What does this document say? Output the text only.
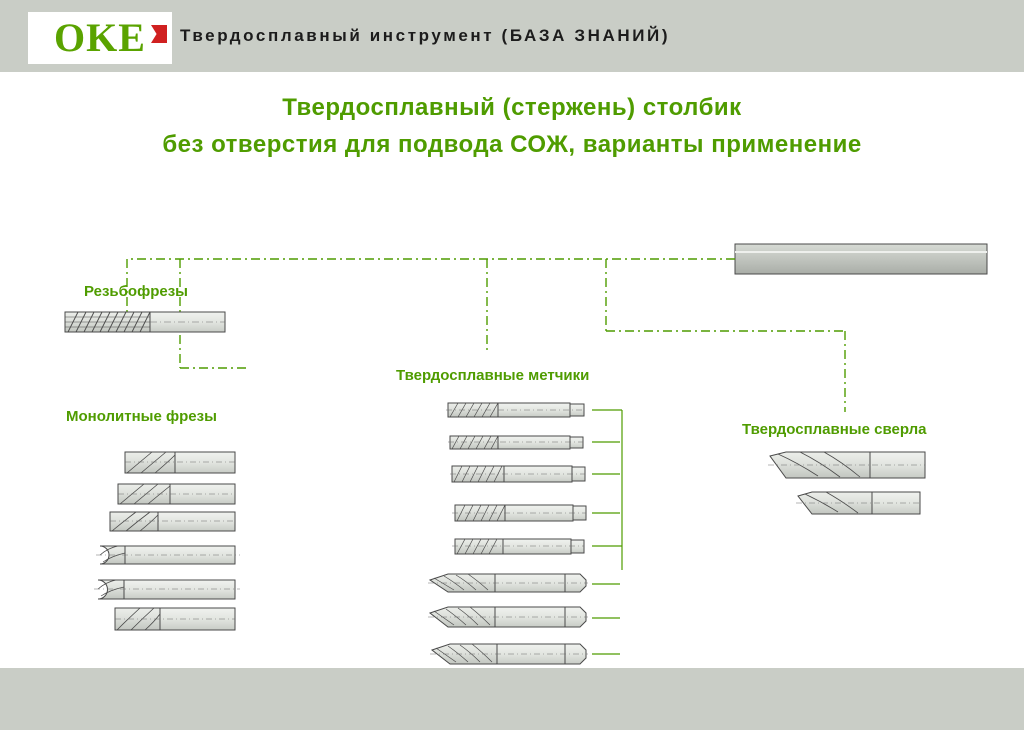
OKE Твердосплавный инструмент (БАЗА ЗНАНИЙ)
Твердосплавный (стержень) столбик
без отверстия для подвода СОЖ, варианты применение
Резьбофрезы
Монолитные фрезы
Твердосплавные метчики
Твердосплавные сверла
